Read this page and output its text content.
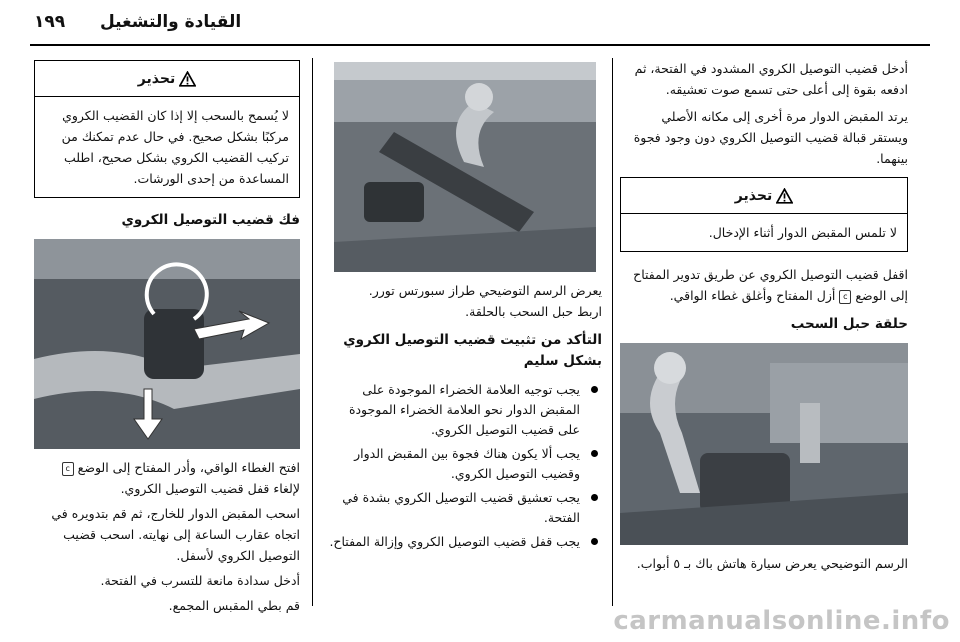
١٩٩ القيادة والتشغيل

أدخل قضيب التوصيل الكروي المشدود في الفتحة، ثم ادفعه بقوة إلى أعلى حتى تسمع صوت تعشيقه.

يرتد المقبض الدوار مرة أخرى إلى مكانه الأصلي ويستقر قبالة قضيب التوصيل الكروي دون وجود فجوة بينهما.

تحذير

لا تلمس المقبض الدوار أثناء الإدخال.

اقفل قضيب التوصيل الكروي عن طريق تدوير المفتاح إلى الوضع c أزل المفتاح وأغلق غطاء الواقي.

حلقة حبل السحب

الرسم التوضيحي يعرض سيارة هاتش باك بـ ٥ أبواب.

يعرض الرسم التوضيحي طراز سبورتس تورر.

اربط حبل السحب بالحلقة.

التأكد من تثبيت قضيب التوصيل الكروي بشكل سليم

يجب توجيه العلامة الخضراء الموجودة على المقبض الدوار نحو العلامة الخضراء الموجودة على قضيب التوصيل الكروي.
يجب ألا يكون هناك فجوة بين المقبض الدوار وقضيب التوصيل الكروي.
يجب تعشيق قضيب التوصيل الكروي بشدة في الفتحة.
يجب قفل قضيب التوصيل الكروي وإزالة المفتاح.
تحذير

لا يُسمح بالسحب إلا إذا كان القضيب الكروي مركبًا بشكل صحيح. في حال عدم تمكنك من تركيب القضيب الكروي بشكل صحيح، اطلب المساعدة من إحدى الورشات.

فك قضيب التوصيل الكروي

افتح الغطاء الواقي، وأدر المفتاح إلى الوضع c لإلغاء قفل قضيب التوصيل الكروي.

اسحب المقبض الدوار للخارج، ثم قم بتدويره في اتجاه عقارب الساعة إلى نهايته. اسحب قضيب التوصيل الكروي لأسفل.

أدخل سدادة مانعة للتسرب في الفتحة.

قم بطي المقبس المجمع.

carmanualsonline.info
